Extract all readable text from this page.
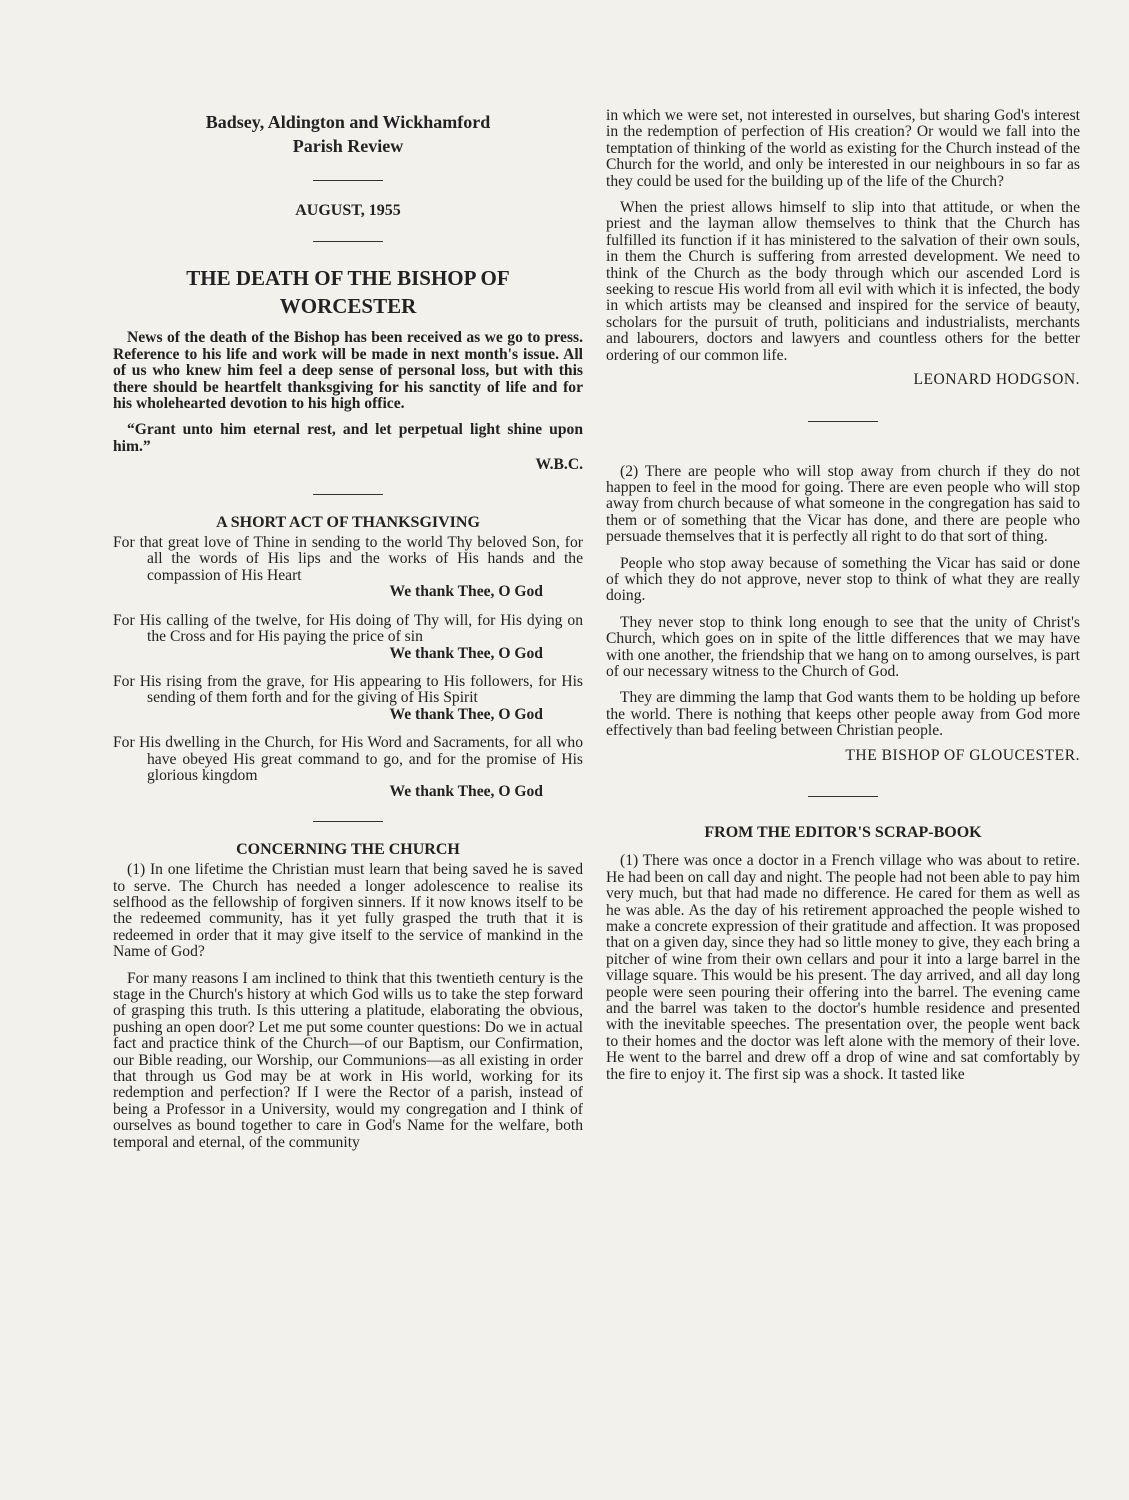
Badsey, Aldington and Wickhamford
Parish Review
AUGUST, 1955
THE DEATH OF THE BISHOP OF
WORCESTER

News of the death of the Bishop has been received as we go to press. Reference to his life and work will be made in next month's issue. All of us who knew him feel a deep sense of personal loss, but with this there should be heartfelt thanksgiving for his sanctity of life and for his wholehearted devotion to his high office.

“Grant unto him eternal rest, and let perpetual light shine upon him.”

W.B.C.

A SHORT ACT OF THANKSGIVING

For that great love of Thine in sending to the world Thy beloved Son, for all the words of His lips and the works of His hands and the compassion of His Heart

We thank Thee, O God

For His calling of the twelve, for His doing of Thy will, for His dying on the Cross and for His paying the price of sin

We thank Thee, O God

For His rising from the grave, for His appearing to His followers, for His sending of them forth and for the giving of His Spirit

We thank Thee, O God

For His dwelling in the Church, for His Word and Sacraments, for all who have obeyed His great command to go, and for the promise of His glorious kingdom

We thank Thee, O God

CONCERNING THE CHURCH

(1) In one lifetime the Christian must learn that being saved he is saved to serve. The Church has needed a longer adolescence to realise its selfhood as the fellowship of forgiven sinners. If it now knows itself to be the redeemed community, has it yet fully grasped the truth that it is redeemed in order that it may give itself to the service of mankind in the Name of God?

For many reasons I am inclined to think that this twentieth century is the stage in the Church's history at which God wills us to take the step forward of grasping this truth. Is this uttering a platitude, elaborating the obvious, pushing an open door? Let me put some counter questions: Do we in actual fact and practice think of the Church—of our Baptism, our Confirmation, our Bible reading, our Worship, our Communions—as all existing in order that through us God may be at work in His world, working for its redemption and perfection? If I were the Rector of a parish, instead of being a Professor in a University, would my congregation and I think of ourselves as bound together to care in God's Name for the welfare, both temporal and eternal, of the community

in which we were set, not interested in ourselves, but sharing God's interest in the redemption of perfection of His creation? Or would we fall into the temptation of thinking of the world as existing for the Church instead of the Church for the world, and only be interested in our neighbours in so far as they could be used for the building up of the life of the Church?

When the priest allows himself to slip into that attitude, or when the priest and the layman allow themselves to think that the Church has fulfilled its function if it has ministered to the salvation of their own souls, in them the Church is suffering from arrested development. We need to think of the Church as the body through which our ascended Lord is seeking to rescue His world from all evil with which it is infected, the body in which artists may be cleansed and inspired for the service of beauty, scholars for the pursuit of truth, politicians and industrialists, merchants and labourers, doctors and lawyers and countless others for the better ordering of our common life.

LEONARD HODGSON.

(2) There are people who will stop away from church if they do not happen to feel in the mood for going. There are even people who will stop away from church because of what someone in the congregation has said to them or of something that the Vicar has done, and there are people who persuade themselves that it is perfectly all right to do that sort of thing.

People who stop away because of something the Vicar has said or done of which they do not approve, never stop to think of what they are really doing.

They never stop to think long enough to see that the unity of Christ's Church, which goes on in spite of the little differences that we may have with one another, the friendship that we hang on to among ourselves, is part of our necessary witness to the Church of God.

They are dimming the lamp that God wants them to be holding up before the world. There is nothing that keeps other people away from God more effectively than bad feeling between Christian people.

THE BISHOP OF GLOUCESTER.

FROM THE EDITOR'S SCRAP-BOOK

(1) There was once a doctor in a French village who was about to retire. He had been on call day and night. The people had not been able to pay him very much, but that had made no difference. He cared for them as well as he was able. As the day of his retirement approached the people wished to make a concrete expression of their gratitude and affection. It was proposed that on a given day, since they had so little money to give, they each bring a pitcher of wine from their own cellars and pour it into a large barrel in the village square. This would be his present. The day arrived, and all day long people were seen pouring their offering into the barrel. The evening came and the barrel was taken to the doctor's humble residence and presented with the inevitable speeches. The presentation over, the people went back to their homes and the doctor was left alone with the memory of their love. He went to the barrel and drew off a drop of wine and sat comfortably by the fire to enjoy it. The first sip was a shock. It tasted like
